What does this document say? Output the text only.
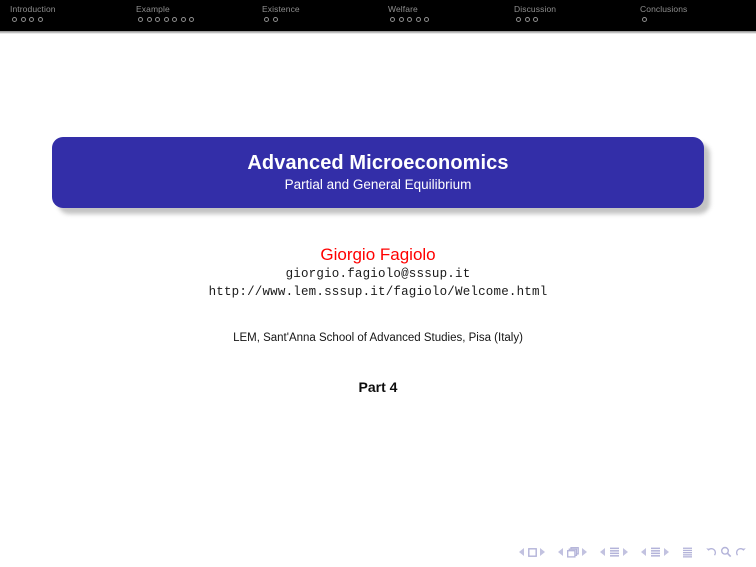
Introduction	Example	Existence	Welfare	Discussion	Conclusions
Advanced Microeconomics
Partial and General Equilibrium
Giorgio Fagiolo
giorgio.fagiolo@sssup.it
http://www.lem.sssup.it/fagiolo/Welcome.html
LEM, Sant'Anna School of Advanced Studies, Pisa (Italy)
Part 4
